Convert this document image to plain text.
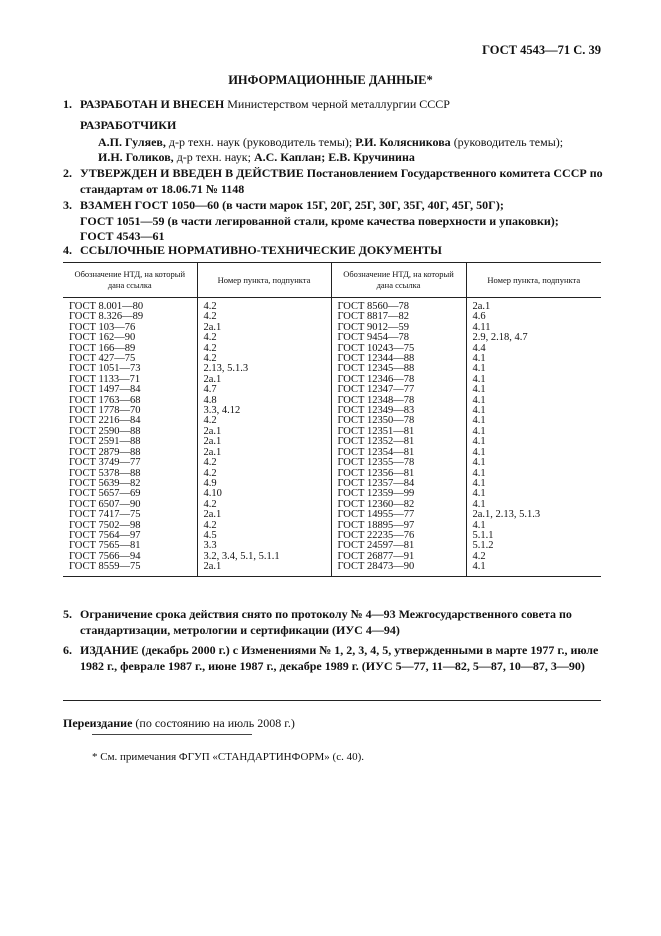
ГОСТ 4543—71 С. 39
ИНФОРМАЦИОННЫЕ ДАННЫЕ*
1. РАЗРАБОТАН И ВНЕСЕН Министерством черной металлургии СССР
РАЗРАБОТЧИКИ
А.П. Гуляев, д-р техн. наук (руководитель темы); Р.И. Колясникова (руководитель темы);
И.Н. Голиков, д-р техн. наук; А.С. Каплан; Е.В. Кручинина
2. УТВЕРЖДЕН И ВВЕДЕН В ДЕЙСТВИЕ Постановлением Государственного комитета СССР по стандартам от 18.06.71 № 1148
3. ВЗАМЕН ГОСТ 1050—60 (в части марок 15Г, 20Г, 25Г, 30Г, 35Г, 40Г, 45Г, 50Г);
ГОСТ 1051—59 (в части легированной стали, кроме качества поверхности и упаковки);
ГОСТ 4543—61
4. ССЫЛОЧНЫЕ НОРМАТИВНО-ТЕХНИЧЕСКИЕ ДОКУМЕНТЫ
Обозначение НТД, на который дана ссылка	Номер пункта, подпункта	Обозначение НТД, на который дана ссылка	Номер пункта, подпункта
ГОСТ 8.001—80	4.2	ГОСТ 8560—78	2а.1
ГОСТ 8.326—89	4.2	ГОСТ 8817—82	4.6
ГОСТ 103—76	2а.1	ГОСТ 9012—59	4.11
ГОСТ 162—90	4.2	ГОСТ 9454—78	2.9, 2.18, 4.7
ГОСТ 166—89	4.2	ГОСТ 10243—75	4.4
ГОСТ 427—75	4.2	ГОСТ 12344—88	4.1
ГОСТ 1051—73	2.13, 5.1.3	ГОСТ 12345—88	4.1
ГОСТ 1133—71	2а.1	ГОСТ 12346—78	4.1
ГОСТ 1497—84	4.7	ГОСТ 12347—77	4.1
ГОСТ 1763—68	4.8	ГОСТ 12348—78	4.1
ГОСТ 1778—70	3.3, 4.12	ГОСТ 12349—83	4.1
ГОСТ 2216—84	4.2	ГОСТ 12350—78	4.1
ГОСТ 2590—88	2а.1	ГОСТ 12351—81	4.1
ГОСТ 2591—88	2а.1	ГОСТ 12352—81	4.1
ГОСТ 2879—88	2а.1	ГОСТ 12354—81	4.1
ГОСТ 3749—77	4.2	ГОСТ 12355—78	4.1
ГОСТ 5378—88	4.2	ГОСТ 12356—81	4.1
ГОСТ 5639—82	4.9	ГОСТ 12357—84	4.1
ГОСТ 5657—69	4.10	ГОСТ 12359—99	4.1
ГОСТ 6507—90	4.2	ГОСТ 12360—82	4.1
ГОСТ 7417—75	2а.1	ГОСТ 14955—77	2а.1, 2.13, 5.1.3
ГОСТ 7502—98	4.2	ГОСТ 18895—97	4.1
ГОСТ 7564—97	4.5	ГОСТ 22235—76	5.1.1
ГОСТ 7565—81	3.3	ГОСТ 24597—81	5.1.2
ГОСТ 7566—94	3.2, 3.4, 5.1, 5.1.1	ГОСТ 26877—91	4.2
ГОСТ 8559—75	2а.1	ГОСТ 28473—90	4.1
5. Ограничение срока действия снято по протоколу № 4—93 Межгосударственного совета по стандартизации, метрологии и сертификации (ИУС 4—94)
6. ИЗДАНИЕ (декабрь 2000 г.) с Изменениями № 1, 2, 3, 4, 5, утвержденными в марте 1977 г., июле 1982 г., феврале 1987 г., июне 1987 г., декабре 1989 г. (ИУС 5—77, 11—82, 5—87, 10—87, 3—90)
Переиздание (по состоянию на июль 2008 г.)
* См. примечания ФГУП «СТАНДАРТИНФОРМ» (с. 40).
